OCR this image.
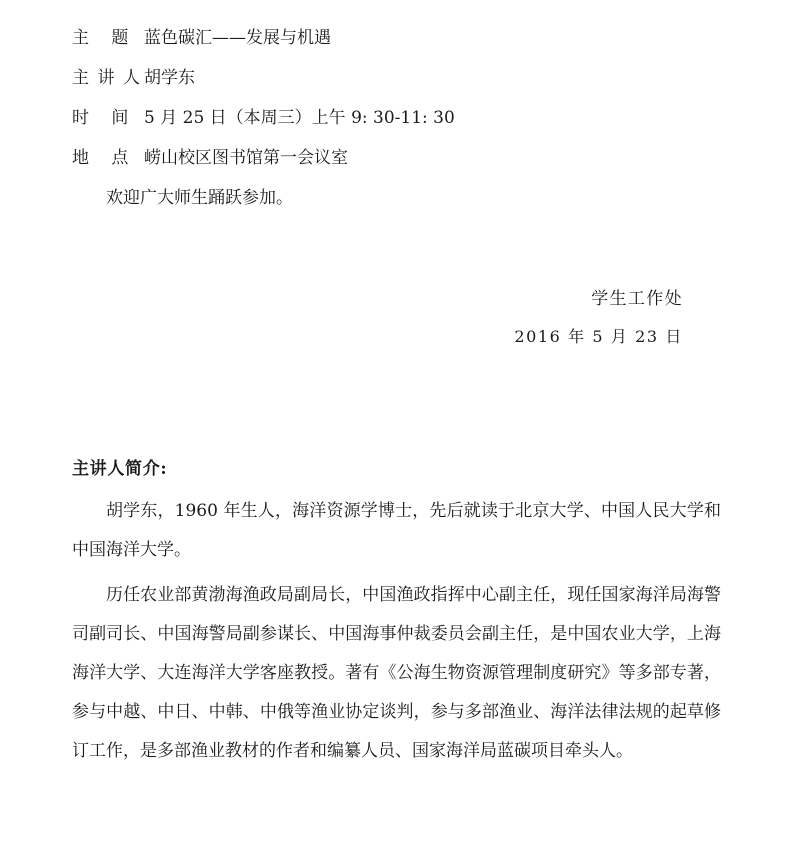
主 题 蓝色碳汇——发展与机遇
主讲人
胡学东
时 间 5 月 25 日（本周三）上午 9: 30-11: 30
地 点 崂山校区图书馆第一会议室
欢迎广大师生踊跃参加。
学生工作处
2016 年 5 月 23 日
主讲人简介:

胡学东，1960 年生人，海洋资源学博士，先后就读于北京大学、中国人民大学和中国海洋大学。

历任农业部黄渤海渔政局副局长，中国渔政指挥中心副主任，现任国家海洋局海警司副司长、中国海警局副参谋长、中国海事仲裁委员会副主任，是中国农业大学，上海海洋大学、大连海洋大学客座教授。著有《公海生物资源管理制度研究》等多部专著，参与中越、中日、中韩、中俄等渔业协定谈判，参与多部渔业、海洋法律法规的起草修订工作，是多部渔业教材的作者和编纂人员、国家海洋局蓝碳项目牵头人。
